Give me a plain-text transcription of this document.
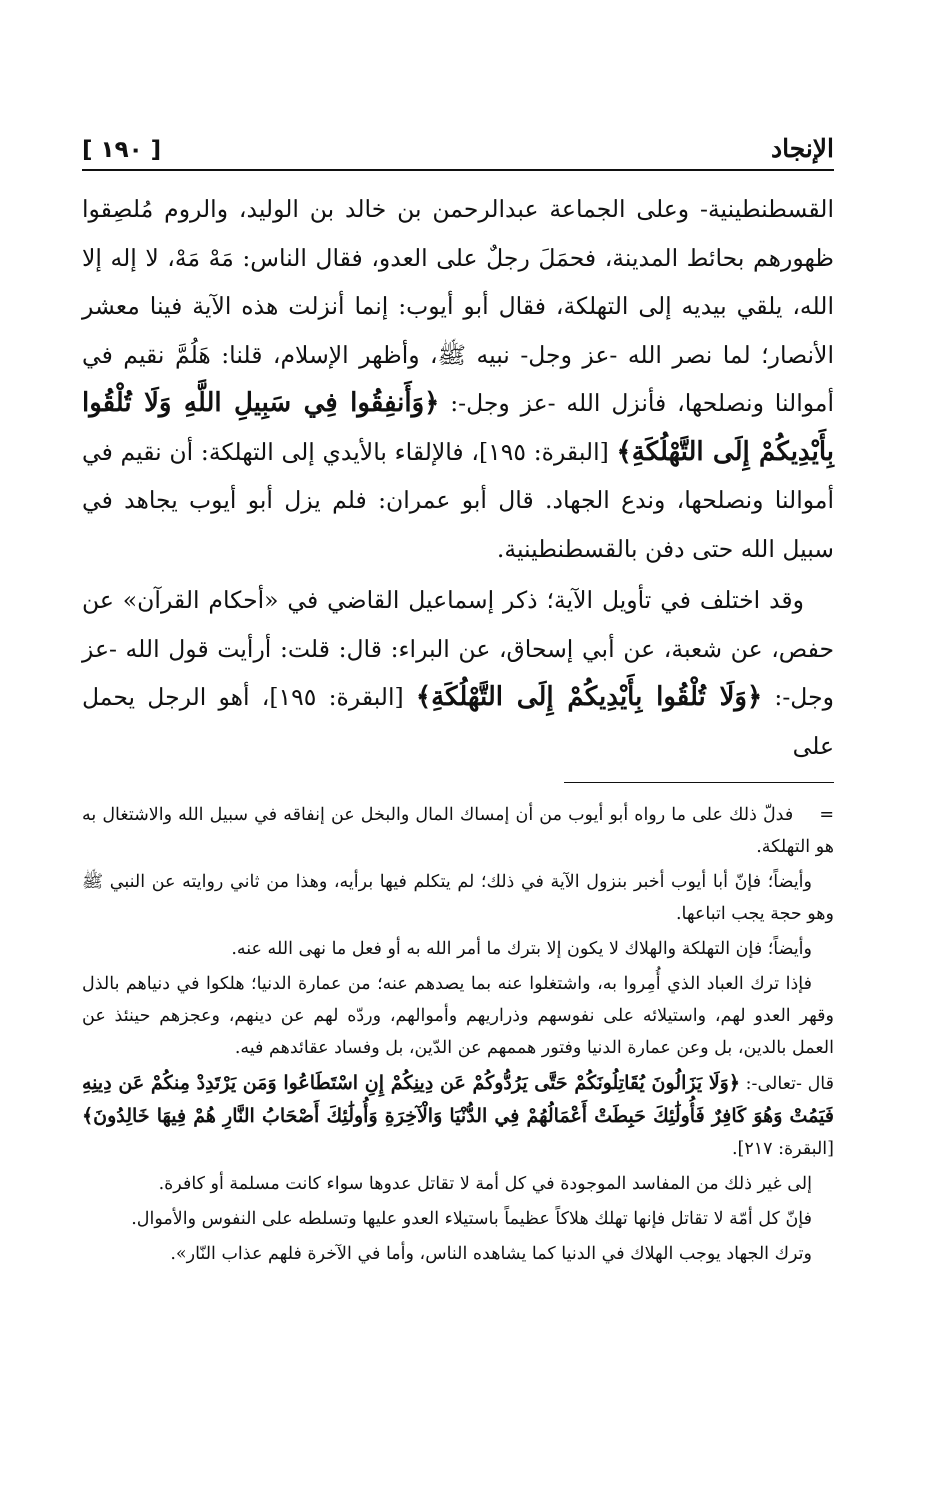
الإنجاد
[ ١٩٠ ]

القسطنطينية- وعلى الجماعة عبدالرحمن بن خالد بن الوليد، والروم مُلصِقوا ظهورهم بحائط المدينة، فحمَلَ رجلٌ على العدو، فقال الناس: مَهْ مَهْ، لا إله إلا الله، يلقي بيديه إلى التهلكة، فقال أبو أيوب: إنما أنزلت هذه الآية فينا معشر الأنصار؛ لما نصر الله -عز وجل- نبيه ﷺ، وأظهر الإسلام، قلنا: هَلُمَّ نقيم في أموالنا ونصلحها، فأنزل الله -عز وجل-: ﴿وَأَنفِقُوا فِي سَبِيلِ اللَّهِ وَلَا تُلْقُوا بِأَيْدِيكُمْ إِلَى التَّهْلُكَةِ﴾ [البقرة: ١٩٥]، فالإلقاء بالأيدي إلى التهلكة: أن نقيم في أموالنا ونصلحها، وندع الجهاد. قال أبو عمران: فلم يزل أبو أيوب يجاهد في سبيل الله حتى دفن بالقسطنطينية.

وقد اختلف في تأويل الآية؛ ذكر إسماعيل القاضي في «أحكام القرآن» عن حفص، عن شعبة، عن أبي إسحاق، عن البراء: قال: قلت: أرأيت قول الله -عز وجل-: ﴿وَلَا تُلْقُوا بِأَيْدِيكُمْ إِلَى التَّهْلُكَةِ﴾ [البقرة: ١٩٥]، أهو الرجل يحمل على

= فدلّ ذلك على ما رواه أبو أيوب من أن إمساك المال والبخل عن إنفاقه في سبيل الله والاشتغال به هو التهلكة.

وأيضاً؛ فإنّ أبا أيوب أخبر بنزول الآية في ذلك؛ لم يتكلم فيها برأيه، وهذا من ثاني روايته عن النبي ﷺ وهو حجة يجب اتباعها.

وأيضاً؛ فإن التهلكة والهلاك لا يكون إلا بترك ما أمر الله به أو فعل ما نهى الله عنه.

فإذا ترك العباد الذي أُمِروا به، واشتغلوا عنه بما يصدهم عنه؛ من عمارة الدنيا؛ هلكوا في دنياهم بالذل وقهر العدو لهم، واستيلائه على نفوسهم وذراريهم وأموالهم، وردّه لهم عن دينهم، وعجزهم حينئذ عن العمل بالدين، بل وعن عمارة الدنيا وفتور هممهم عن الدّين، بل وفساد عقائدهم فيه.

قال -تعالى-: ﴿وَلَا يَزَالُونَ يُقَاتِلُونَكُمْ حَتَّى يَرُدُّوكُمْ عَن دِينِكُمْ إِنِ اسْتَطَاعُوا وَمَن يَرْتَدِدْ مِنكُمْ عَن دِينِهِ فَيَمُتْ وَهُوَ كَافِرٌ فَأُولَٰئِكَ حَبِطَتْ أَعْمَالُهُمْ فِي الدُّنْيَا وَالْآخِرَةِ وَأُولَٰئِكَ أَصْحَابُ النَّارِ هُمْ فِيهَا خَالِدُونَ﴾ [البقرة: ٢١٧].

إلى غير ذلك من المفاسد الموجودة في كل أمة لا تقاتل عدوها سواء كانت مسلمة أو كافرة.

فإنّ كل أمّة لا تقاتل فإنها تهلك هلاكاً عظيماً باستيلاء العدو عليها وتسلطه على النفوس والأموال.

وترك الجهاد يوجب الهلاك في الدنيا كما يشاهده الناس، وأما في الآخرة فلهم عذاب النّار».
